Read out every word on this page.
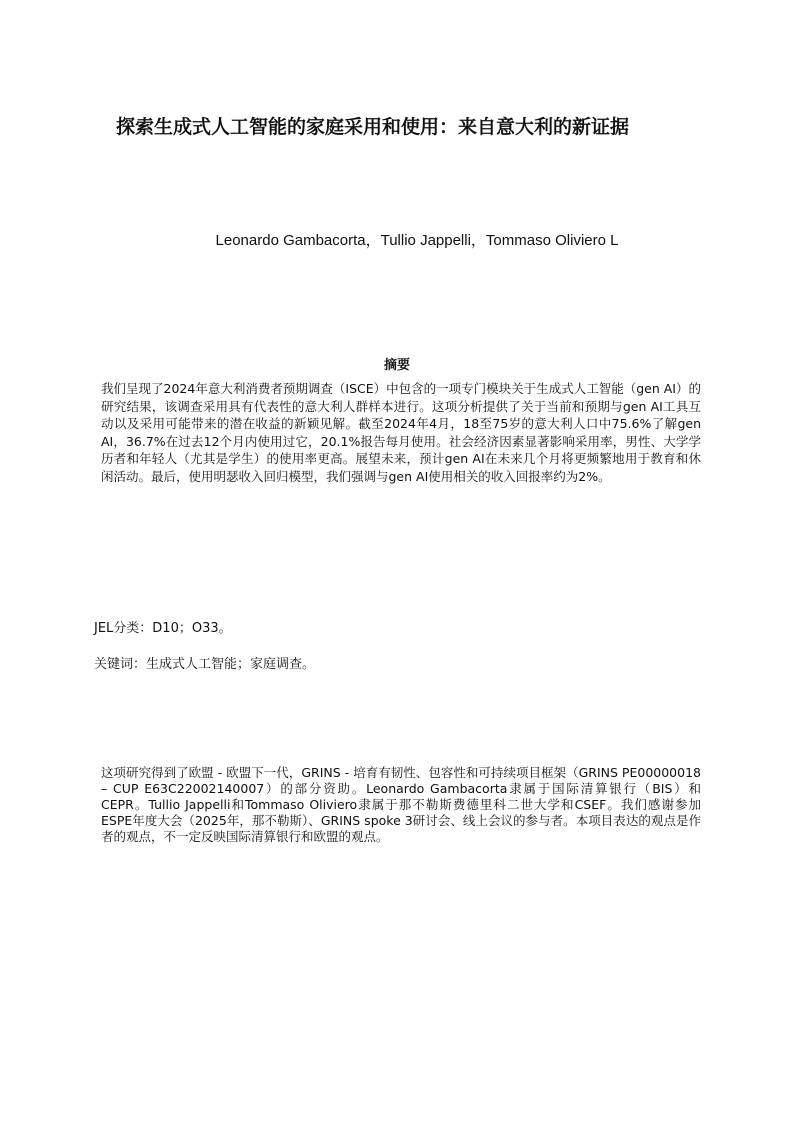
探索生成式人工智能的家庭采用和使用：来自意大利的新证据
Leonardo Gambacorta，Tullio Jappelli，Tommaso Oliviero L
摘要

我们呈现了2024年意大利消费者预期调查（ISCE）中包含的一项专门模块关于生成式人工智能（gen AI）的研究结果，该调查采用具有代表性的意大利人群样本进行。这项分析提供了关于当前和预期与gen AI工具互动以及采用可能带来的潜在收益的新颖见解。截至2024年4月，18至75岁的意大利人口中75.6%了解gen AI，36.7%在过去12个月内使用过它，20.1%报告每月使用。社会经济因素显著影响采用率，男性、大学学历者和年轻人（尤其是学生）的使用率更高。展望未来，预计gen AI在未来几个月将更频繁地用于教育和休闲活动。最后，使用明瑟收入回归模型，我们强调与gen AI使用相关的收入回报率约为2%。

JEL分类：D10；O33。

关键词：生成式人工智能；家庭调查。

这项研究得到了欧盟 - 欧盟下一代，GRINS - 培育有韧性、包容性和可持续项目框架（GRINS PE00000018 – CUP E63C22002140007）的部分资助。Leonardo Gambacorta隶属于国际清算银行（BIS）和CEPR。Tullio Jappelli和Tommaso Oliviero隶属于那不勒斯费德里科二世大学和CSEF。我们感谢参加ESPE年度大会（2025年，那不勒斯）、GRINS spoke 3研讨会、线上会议的参与者。本项目表达的观点是作者的观点，不一定反映国际清算银行和欧盟的观点。
